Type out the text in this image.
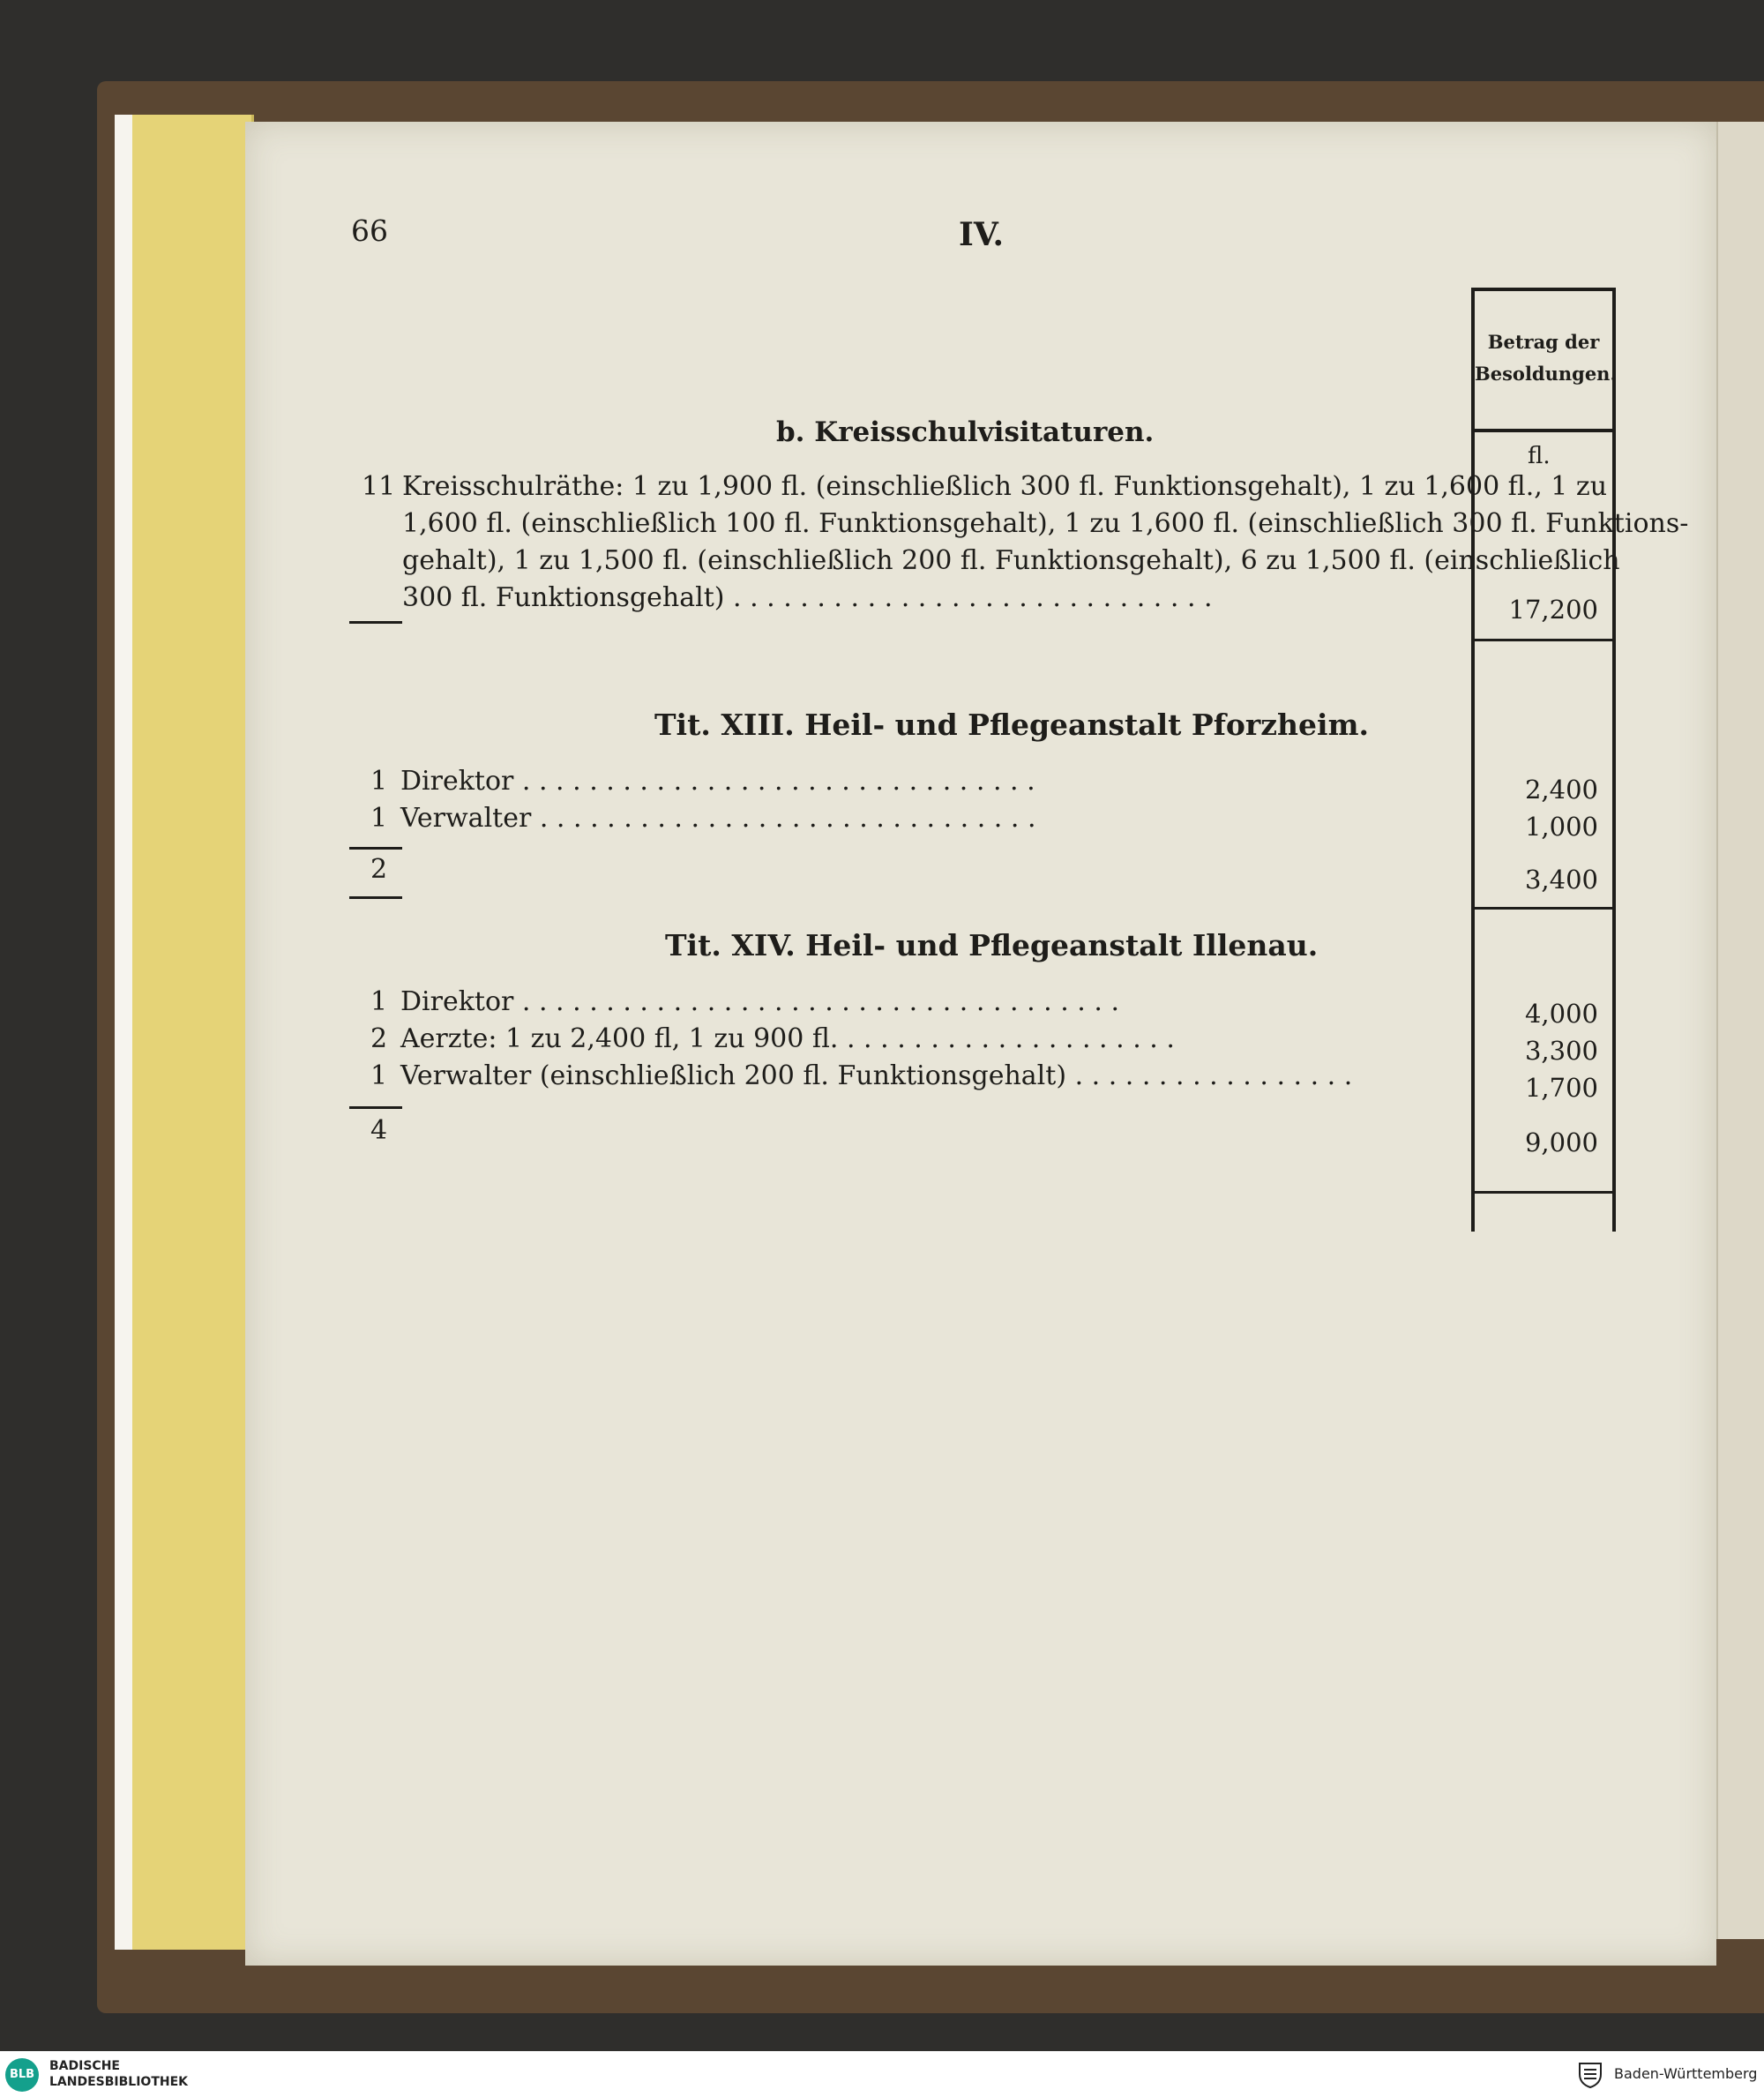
66	IV.
Betrag der
Besoldungen.
fl.
b. Kreisschulvisitaturen.
11 Kreisschulräthe: 1 zu 1,900 fl. (einschließlich 300 fl. Funktionsgehalt), 1 zu 1,600 fl., 1 zu
1,600 fl. (einschließlich 100 fl. Funktionsgehalt), 1 zu 1,600 fl. (einschließlich 300 fl. Funktions-
gehalt), 1 zu 1,500 fl. (einschließlich 200 fl. Funktionsgehalt), 6 zu 1,500 fl. (einschließlich
300 fl. Funktionsgehalt) . . . . . . . . . . . . . . . . . . . . . . . . . . . . .	17,200
Tit. XIII. Heil- und Pflegeanstalt Pforzheim.
1 Direktor . . . . . . . . . . . . . . . . . . . . . . . . . . . . . . .	2,400
1 Verwalter . . . . . . . . . . . . . . . . . . . . . . . . . . . . . .	1,000
2	3,400
Tit. XIV. Heil- und Pflegeanstalt Illenau.
1 Direktor . . . . . . . . . . . . . . . . . . . . . . . . . . . . . . . . . . . .	4,000
2 Aerzte: 1 zu 2,400 fl, 1 zu 900 fl. . . . . . . . . . . . . . . . . . . . .	3,300
1 Verwalter (einschließlich 200 fl. Funktionsgehalt) . . . . . . . . . . . . . . . . .	1,700
4	9,000
BLB
BADISCHE
LANDESBIBLIOTHEK	Baden-Württemberg
